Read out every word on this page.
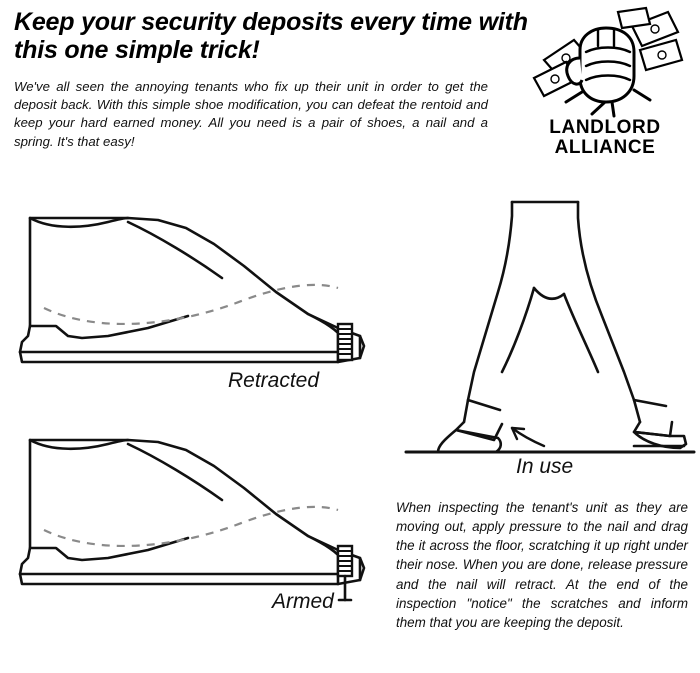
Keep your security deposits every time with this one simple trick!
We've all seen the annoying tenants who fix up their unit in order to get the deposit back. With this simple shoe modification, you can defeat the rentoid and keep your hard earned money. All you need is a pair of shoes, a nail and a spring. It's that easy!
LANDLORD
ALLIANCE
Retracted
Armed
In use
When inspecting the tenant's unit as they are moving out, apply pressure to the nail and drag the it across the floor, scratching it up right under their nose. When you are done, release pressure and the nail will retract. At the end of the inspection "notice" the scratches and inform them that you are keeping the deposit.
